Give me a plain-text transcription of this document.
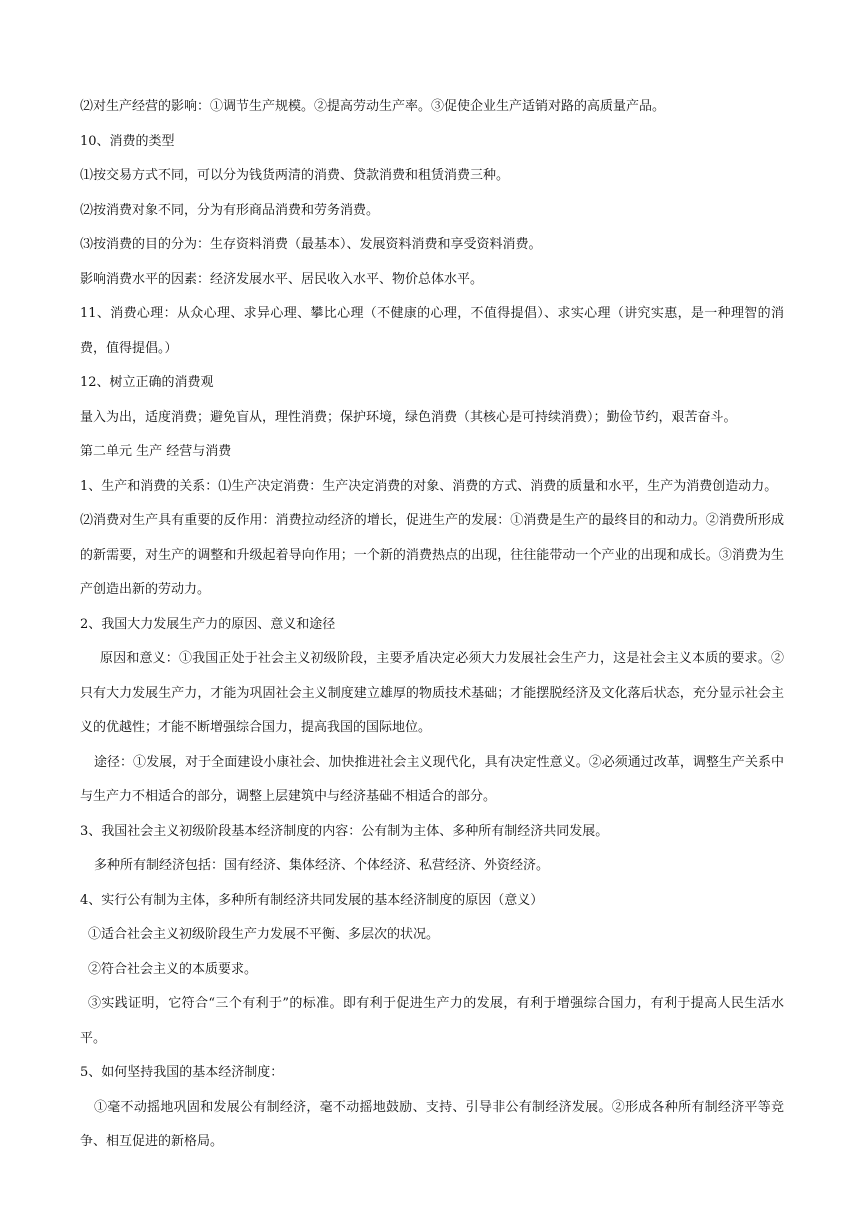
⑵对生产经营的影响：①调节生产规模。②提高劳动生产率。③促使企业生产适销对路的高质量产品。

10、消费的类型

⑴按交易方式不同，可以分为钱货两清的消费、贷款消费和租赁消费三种。

⑵按消费对象不同，分为有形商品消费和劳务消费。

⑶按消费的目的分为：生存资料消费（最基本）、发展资料消费和享受资料消费。

影响消费水平的因素：经济发展水平、居民收入水平、物价总体水平。

11、消费心理：从众心理、求异心理、攀比心理（不健康的心理，不值得提倡）、求实心理（讲究实惠，是一种理智的消费，值得提倡。）

12、树立正确的消费观

量入为出，适度消费；避免盲从，理性消费；保护环境，绿色消费（其核心是可持续消费）；勤俭节约，艰苦奋斗。

第二单元 生产 经营与消费

1、生产和消费的关系：⑴生产决定消费：生产决定消费的对象、消费的方式、消费的质量和水平，生产为消费创造动力。

⑵消费对生产具有重要的反作用：消费拉动经济的增长，促进生产的发展：①消费是生产的最终目的和动力。②消费所形成的新需要，对生产的调整和升级起着导向作用；一个新的消费热点的出现，往往能带动一个产业的出现和成长。③消费为生产创造出新的劳动力。

2、我国大力发展生产力的原因、意义和途径

原因和意义：①我国正处于社会主义初级阶段，主要矛盾决定必须大力发展社会生产力，这是社会主义本质的要求。②只有大力发展生产力，才能为巩固社会主义制度建立雄厚的物质技术基础；才能摆脱经济及文化落后状态，充分显示社会主义的优越性；才能不断增强综合国力，提高我国的国际地位。

途径：①发展，对于全面建设小康社会、加快推进社会主义现代化，具有决定性意义。②必须通过改革，调整生产关系中与生产力不相适合的部分，调整上层建筑中与经济基础不相适合的部分。

3、我国社会主义初级阶段基本经济制度的内容：公有制为主体、多种所有制经济共同发展。

多种所有制经济包括：国有经济、集体经济、个体经济、私营经济、外资经济。

4、实行公有制为主体，多种所有制经济共同发展的基本经济制度的原因（意义）

①适合社会主义初级阶段生产力发展不平衡、多层次的状况。

②符合社会主义的本质要求。

③实践证明，它符合“三个有利于”的标准。即有利于促进生产力的发展，有利于增强综合国力，有利于提高人民生活水平。

5、如何坚持我国的基本经济制度：

①毫不动摇地巩固和发展公有制经济，毫不动摇地鼓励、支持、引导非公有制经济发展。②形成各种所有制经济平等竞争、相互促进的新格局。
